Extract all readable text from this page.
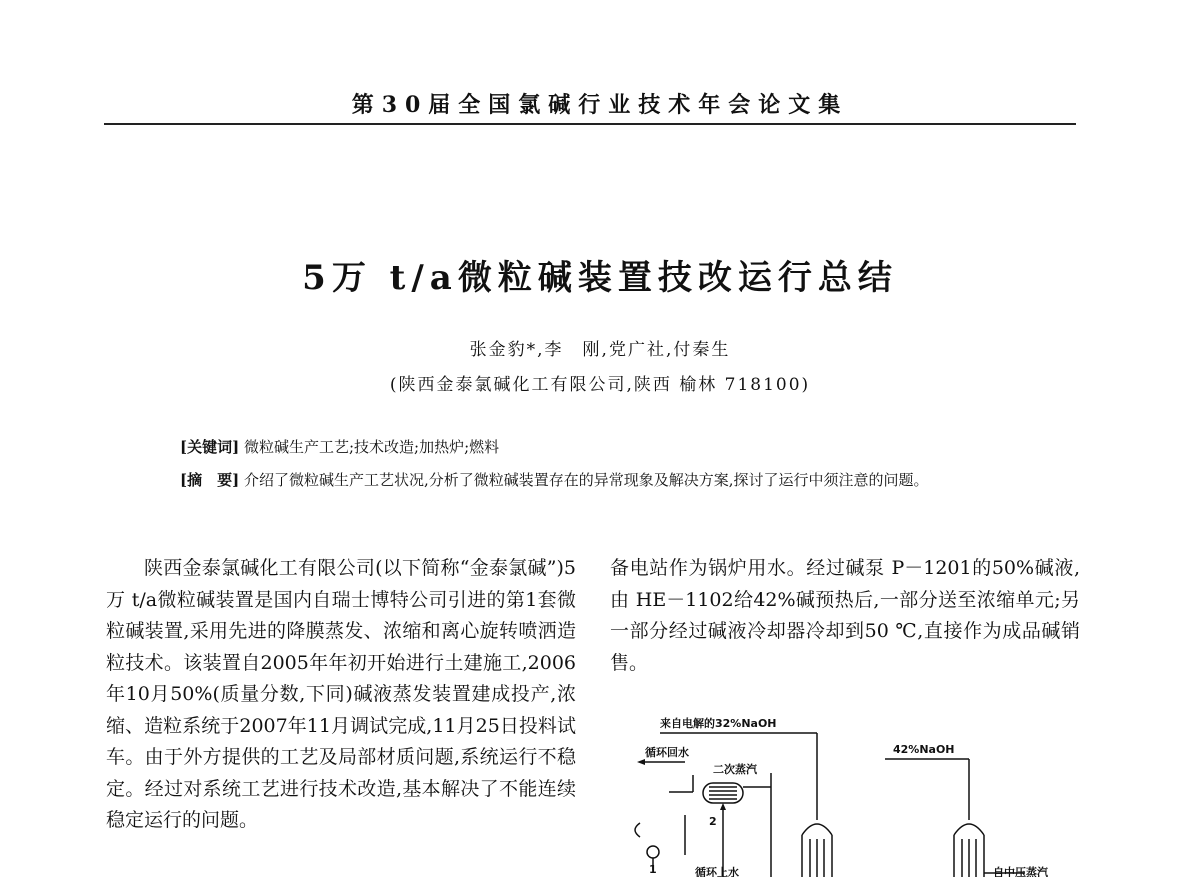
第30届全国氯碱行业技术年会论文集
5万 t/a微粒碱装置技改运行总结
张金豹*,李　刚,党广社,付秦生
(陕西金泰氯碱化工有限公司,陕西 榆林 718100)
[关键词] 微粒碱生产工艺;技术改造;加热炉;燃料
[摘　要] 介绍了微粒碱生产工艺状况,分析了微粒碱装置存在的异常现象及解决方案,探讨了运行中须注意的问题。
陕西金泰氯碱化工有限公司(以下简称“金泰氯碱”)5万 t/a微粒碱装置是国内自瑞士博特公司引进的第1套微粒碱装置,采用先进的降膜蒸发、浓缩和离心旋转喷洒造粒技术。该装置自2005年年初开始进行土建施工,2006年10月50%(质量分数,下同)碱液蒸发装置建成投产,浓缩、造粒系统于2007年11月调试完成,11月25日投料试车。由于外方提供的工艺及局部材质问题,系统运行不稳定。经过对系统工艺进行技术改造,基本解决了不能连续稳定运行的问题。
备电站作为锅炉用水。经过碱泵 P－1201的50%碱液,由 HE－1102给42%碱预热后,一部分送至浓缩单元;另一部分经过碱液冷却器冷却到50 ℃,直接作为成品碱销售。
来自电解的32%NaOH
循环回水
二次蒸汽
42%NaOH
循环上水	自中压蒸汽
2
1
